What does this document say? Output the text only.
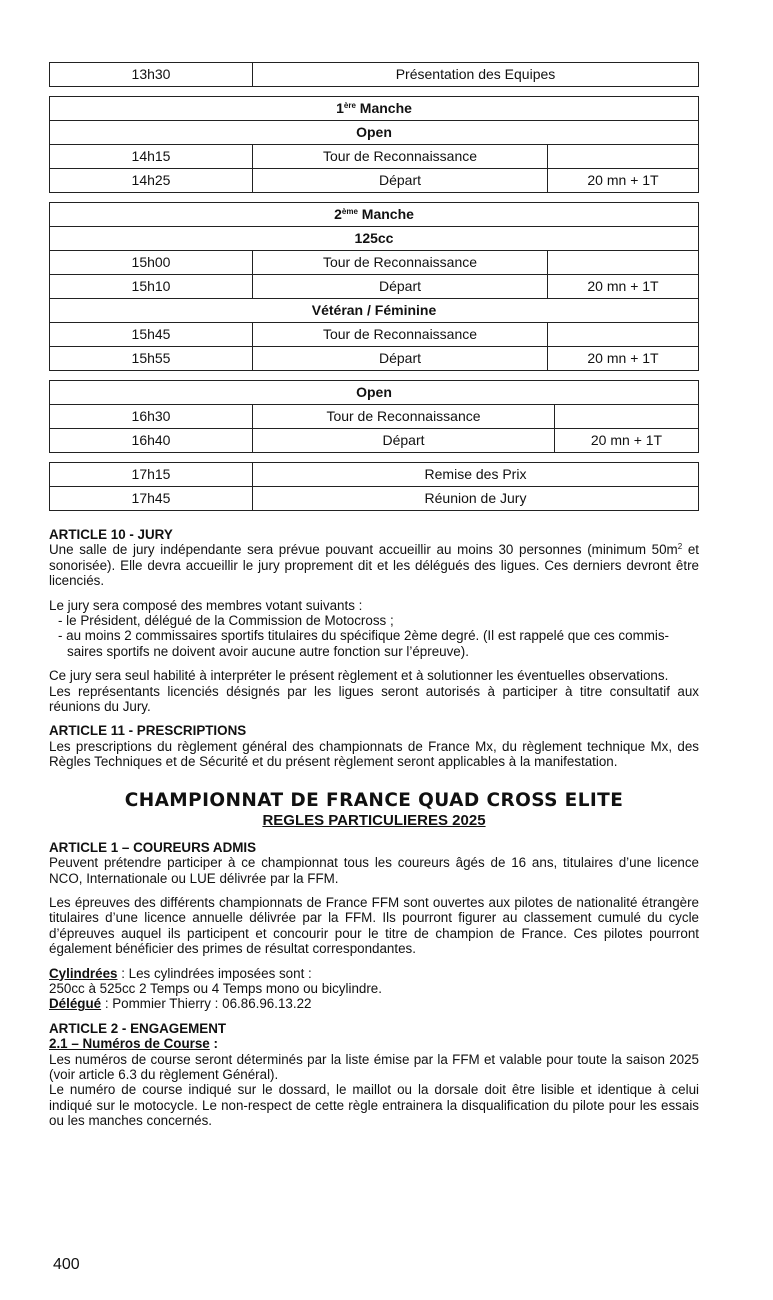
13h30	Présentation des Equipes
1ère Manche		
Open		
14h15	Tour de Reconnaissance	
14h25	Départ	20 mn + 1T
2ème Manche		
125cc		
15h00	Tour de Reconnaissance	
15h10	Départ	20 mn + 1T
Vétéran / Féminine		
15h45	Tour de Reconnaissance	
15h55	Départ	20 mn + 1T
Open		
16h30	Tour de Reconnaissance	
16h40	Départ	20 mn + 1T
17h15	Remise des Prix
17h45	Réunion de Jury

ARTICLE 10 - JURY

Une salle de jury indépendante sera prévue pouvant accueillir au moins 30 personnes (minimum $50m^2$ et sonorisée). Elle devra accueillir le jury proprement dit et les délégués des ligues. Ces derniers devront être licenciés.

Le jury sera composé des membres votant suivants :

- le Président, délégué de la Commission de Motocross ;

- au moins 2 commissaires sportifs titulaires du spécifique 2ème degré. (Il est rappelé que ces commis-

saires sportifs ne doivent avoir aucune autre fonction sur l’épreuve).

Ce jury sera seul habilité à interpréter le présent règlement et à solutionner les éventuelles observations.

Les représentants licenciés désignés par les ligues seront autorisés à participer à titre consultatif aux réunions du Jury.

ARTICLE 11 - PRESCRIPTIONS

Les prescriptions du règlement général des championnats de France Mx, du règlement technique Mx, des Règles Techniques et de Sécurité et du présent règlement seront applicables à la manifestation.

CHAMPIONNAT DE FRANCE QUAD CROSS ELITE
REGLES PARTICULIERES 2025

ARTICLE 1 – COUREURS ADMIS

Peuvent prétendre participer à ce championnat tous les coureurs âgés de 16 ans, titulaires d’une licence NCO, Internationale ou LUE délivrée par la FFM.

Les épreuves des différents championnats de France FFM sont ouvertes aux pilotes de nationalité étrangère titulaires d’une licence annuelle délivrée par la FFM. Ils pourront figurer au classement cumulé du cycle d’épreuves auquel ils participent et concourir pour le titre de champion de France. Ces pilotes pourront également bénéficier des primes de résultat correspondantes.

Cylindrées : Les cylindrées imposées sont :

250cc à 525cc 2 Temps ou 4 Temps mono ou bicylindre.

Délégué : Pommier Thierry : 06.86.96.13.22

ARTICLE 2 - ENGAGEMENT

2.1 – Numéros de Course :

Les numéros de course seront déterminés par la liste émise par la FFM et valable pour toute la saison 2025 (voir article 6.3 du règlement Général).

Le numéro de course indiqué sur le dossard, le maillot ou la dorsale doit être lisible et identique à celui indiqué sur le motocycle. Le non-respect de cette règle entrainera la disqualification du pilote pour les essais ou les manches concernés.

400
